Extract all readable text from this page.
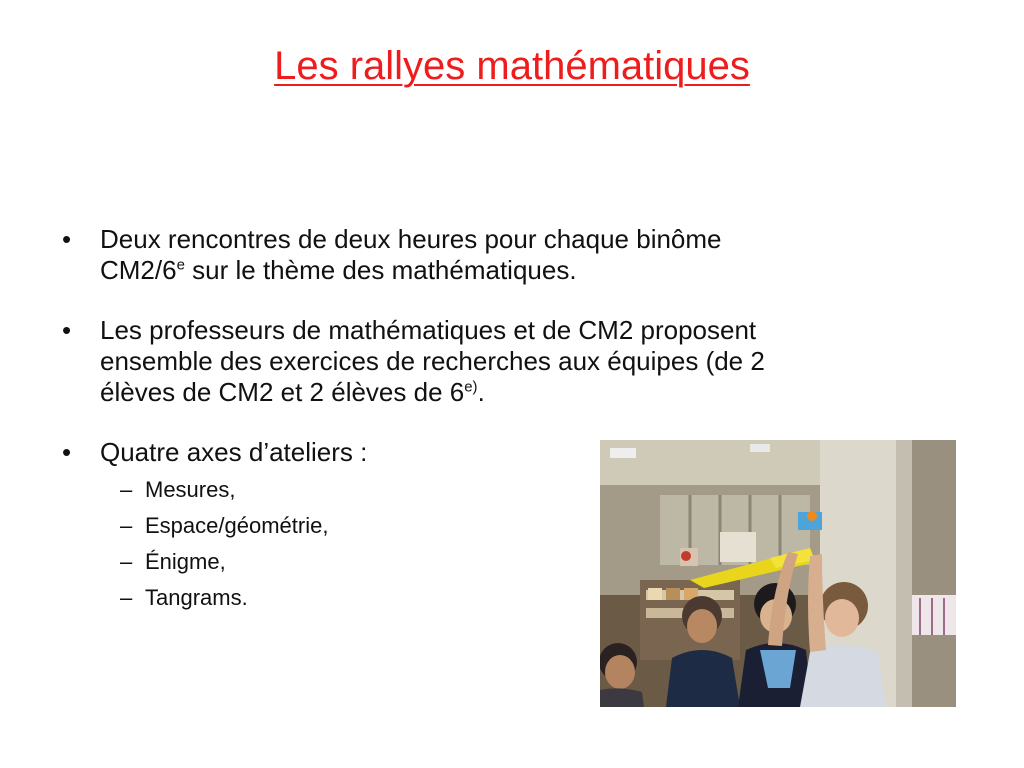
Les rallyes mathématiques
•	Deux rencontres de deux heures pour chaque binôme
CM2/6e sur le thème des mathématiques.
•	Les professeurs de mathématiques et de CM2 proposent
ensemble des exercices de recherches aux équipes (de 2
élèves de CM2 et 2 élèves de 6$^{e)}$.
•	Quatre axes d’ateliers :
– Mesures,
– Espace/géométrie,
– Énigme,
– Tangrams.
